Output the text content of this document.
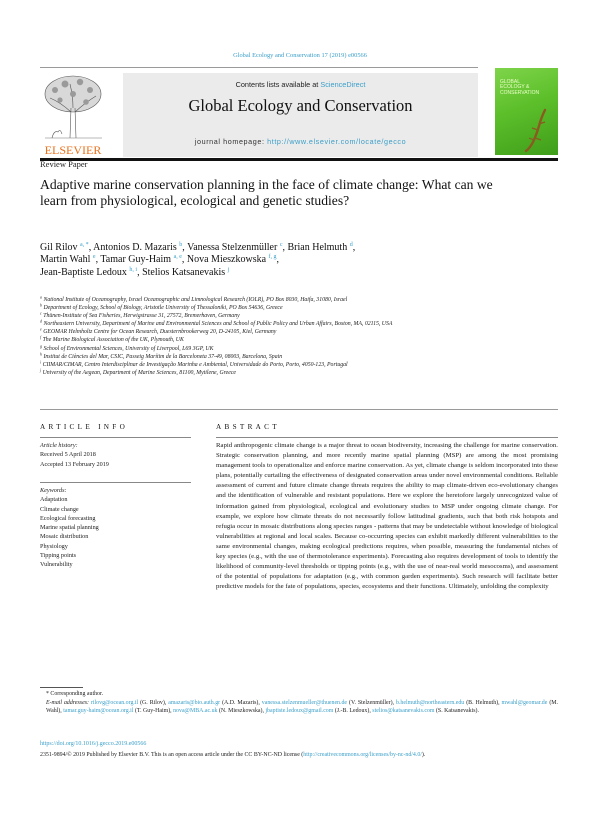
Global Ecology and Conservation 17 (2019) e00566
ELSEVIER
Contents lists available at ScienceDirect
Global Ecology and Conservation
journal homepage: http://www.elsevier.com/locate/gecco
GLOBAL
ECOLOGY &
CONSERVATION
Review Paper
Adaptive marine conservation planning in the face of climate change: What can we learn from physiological, ecological and genetic studies?
Gil Rilov $^{a, *}$, Antonios D. Mazaris $^b$, Vanessa Stelzenmüller $^c$, Brian Helmuth $^d$,
Martin Wahl $^e$, Tamar Guy-Haim $^{a, e}$, Nova Mieszkowska $^{f, g}$,
Jean-Baptiste Ledoux $^{h, i}$, Stelios Katsanevakis $^j$
$^a$ National Institute of Oceanography, Israel Oceanographic and Limnological Research (IOLR), PO Box 8030, Haifa, 31080, Israel
$^b$ Department of Ecology, School of Biology, Aristotle University of Thessaloniki, PO Box 54636, Greece
$^c$ Thünen-Institute of Sea Fisheries, Herwigstrasse 31, 27572, Bremerhaven, Germany
$^d$ Northeastern University, Department of Marine and Environmental Sciences and School of Public Policy and Urban Affairs, Boston, MA, 02115, USA
$^e$ GEOMAR Helmholtz Centre for Ocean Research, Duesternbrookerweg 20, D-24105, Kiel, Germany
$^f$ The Marine Biological Association of the UK, Plymouth, UK
$^g$ School of Environmental Sciences, University of Liverpool, L69 3GP, UK
$^h$ Institut de Ciències del Mar, CSIC, Passeig Marítim de la Barceloneta 37-49, 08003, Barcelona, Spain
$^i$ CIIMAR/CIMAR, Centro Interdisciplinar de Investigação Marinha e Ambiental, Universidade do Porto, Porto, 4050-123, Portugal
$^j$ University of the Aegean, Department of Marine Sciences, 81100, Mytilene, Greece
ARTICLE INFO	ABSTRACT
Article history:
Received 5 April 2018
Accepted 13 February 2019
Keywords:
Adaptation
Climate change
Ecological forecasting
Marine spatial planning
Mosaic distribution
Physiology
Tipping points
Vulnerability
Rapid anthropogenic climate change is a major threat to ocean biodiversity, increasing the challenge for marine conservation. Strategic conservation planning, and more recently marine spatial planning (MSP) are among the most promising management tools to operationalize and enforce marine conservation. As yet, climate change is seldom incorporated into these plans, potentially curtailing the effectiveness of designated conservation areas under novel environmental conditions. Reliable assessment of current and future climate change threats requires the ability to map climate-driven eco-evolutionary changes and the identification of vulnerable and resistant populations. Here we explore the heretofore largely unrecognized value of information gained from physiological, ecological and evolutionary studies to MSP under ongoing climate change. For example, we explore how climate threats do not necessarily follow latitudinal gradients, such that both risk hotspots and refugia occur in mosaic distributions along species ranges - patterns that may be undetectable without knowledge of biological vulnerabilities at regional and local scales. Because co-occurring species can exhibit markedly different vulnerabilities to the same environmental changes, making ecological predictions requires, when possible, measuring the fundamental niches of key species (e.g., with the use of thermotolerance experiments). Forecasting also requires development of tools to identify the likelihood of community-level thresholds or tipping points (e.g., with the use of near-real world mesocosms), and assessment of the potential of populations for adaptation (e.g., with common garden experiments). Such research will facilitate better predictive models for the fate of populations, species, ecosystems and their functions. Ultimately, unfolding the complexity
* Corresponding author.
E-mail addresses: rilovg@ocean.org.il (G. Rilov), amazaris@bio.auth.gr (A.D. Mazaris), vanessa.stelzenmueller@thuenen.de (V. Stelzenmüller), b.helmuth@northeastern.edu (B. Helmuth), mwahl@geomar.de (M. Wahl), tamar.guy-haim@ocean.org.il (T. Guy-Haim), nova@MBA.ac.uk (N. Mieszkowska), jbaptiste.ledoux@gmail.com (J.-B. Ledoux), stelios@katsanevakis.com (S. Katsanevakis).
https://doi.org/10.1016/j.gecco.2019.e00566
2351-9894/© 2019 Published by Elsevier B.V. This is an open access article under the CC BY-NC-ND license (http://creativecommons.org/licenses/by-nc-nd/4.0/).
